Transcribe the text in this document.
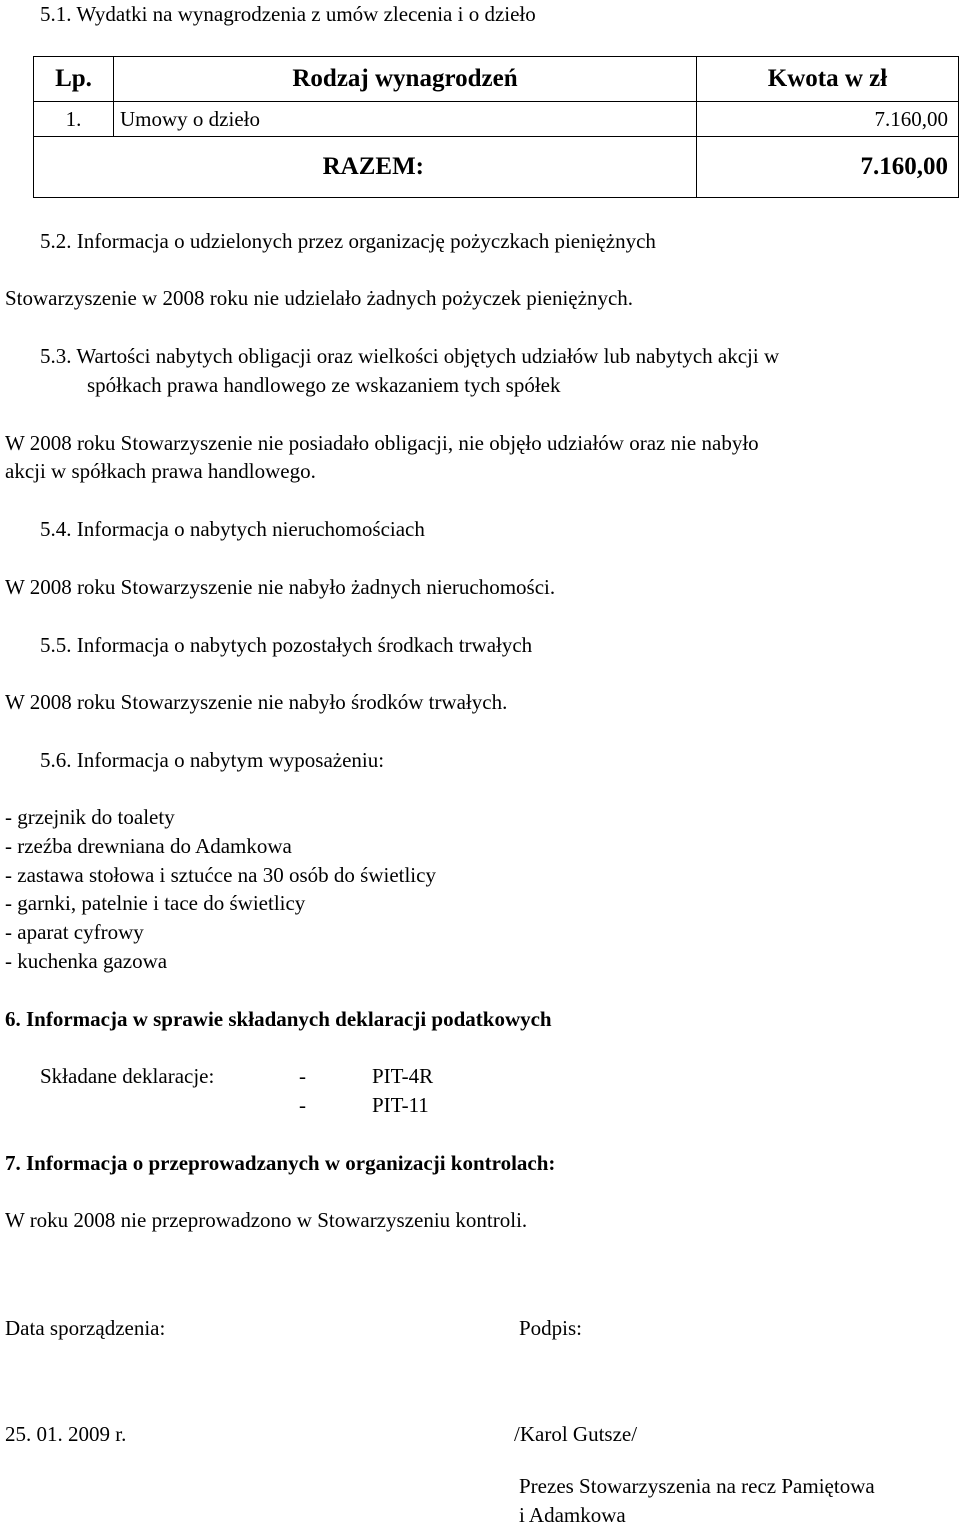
5.1. Wydatki na wynagrodzenia z umów zlecenia i o dzieło
Lp.	Rodzaj wynagrodzeń	Kwota w zł
1.	Umowy o dzieło	7.160,00
RAZEM:		7.160,00
5.2. Informacja o udzielonych przez organizację pożyczkach pieniężnych
Stowarzyszenie w 2008 roku nie udzielało żadnych pożyczek pieniężnych.
5.3. Wartości nabytych obligacji oraz wielkości objętych udziałów lub nabytych akcji w
spółkach prawa handlowego ze wskazaniem tych spółek
W 2008 roku Stowarzyszenie nie posiadało obligacji, nie objęło udziałów oraz nie nabyło
akcji w spółkach prawa handlowego.
5.4. Informacja o nabytych nieruchomościach
W 2008 roku Stowarzyszenie nie nabyło żadnych nieruchomości.
5.5. Informacja o nabytych pozostałych środkach trwałych
W 2008 roku Stowarzyszenie nie nabyło środków trwałych.
5.6. Informacja o nabytym wyposażeniu:
- grzejnik do toalety
- rzeźba drewniana do Adamkowa
- zastawa stołowa i sztućce na 30 osób do świetlicy
- garnki, patelnie i tace do świetlicy
- aparat cyfrowy
- kuchenka gazowa
6. Informacja w sprawie składanych deklaracji podatkowych
Składane deklaracje:	-	PIT-4R
-	PIT-11
7. Informacja o przeprowadzanych w organizacji kontrolach:
W roku 2008 nie przeprowadzono w Stowarzyszeniu kontroli.
Data sporządzenia:	Podpis:
25. 01. 2009 r.	/Karol Gutsze/
Prezes Stowarzyszenia na recz Pamiętowa
i Adamkowa
